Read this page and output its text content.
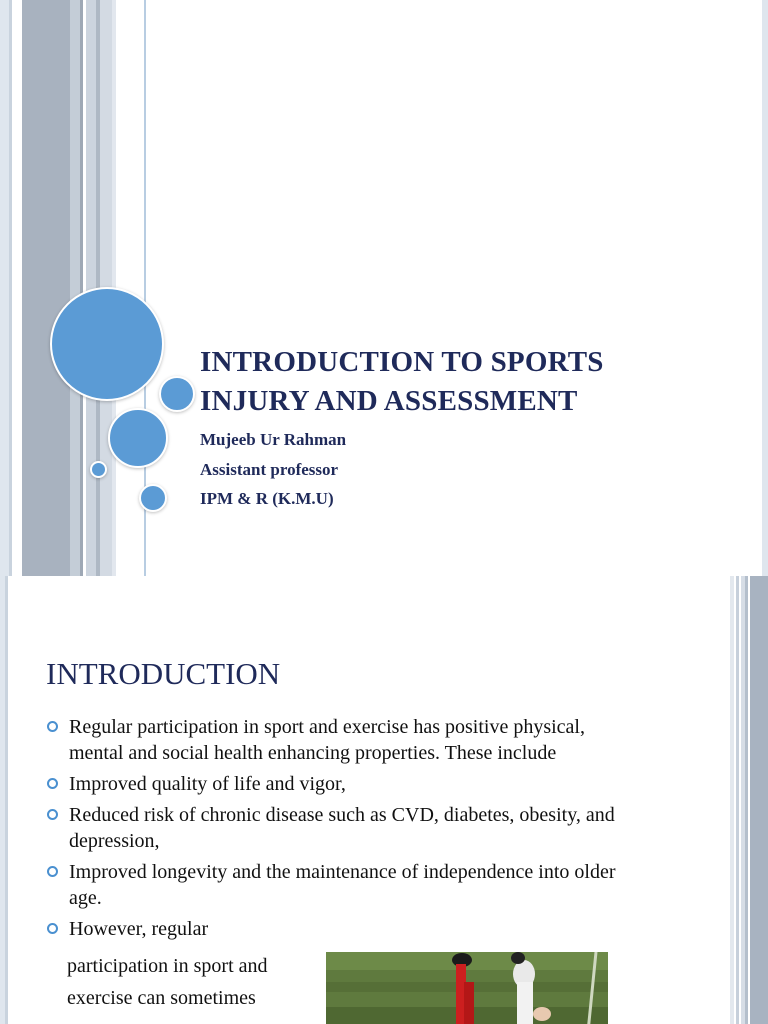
INTRODUCTION TO SPORTS
INJURY AND ASSESSMENT
Mujeeb Ur Rahman
Assistant professor
IPM & R (K.M.U)
INTRODUCTION
Regular participation in sport and exercise has positive physical,
mental and social health enhancing properties. These include
Improved quality of life and vigor,
Reduced risk of chronic disease such as CVD, diabetes, obesity, and
depression,
Improved longevity and the maintenance of independence into older
age.
However, regular
participation in sport and
exercise can sometimes
